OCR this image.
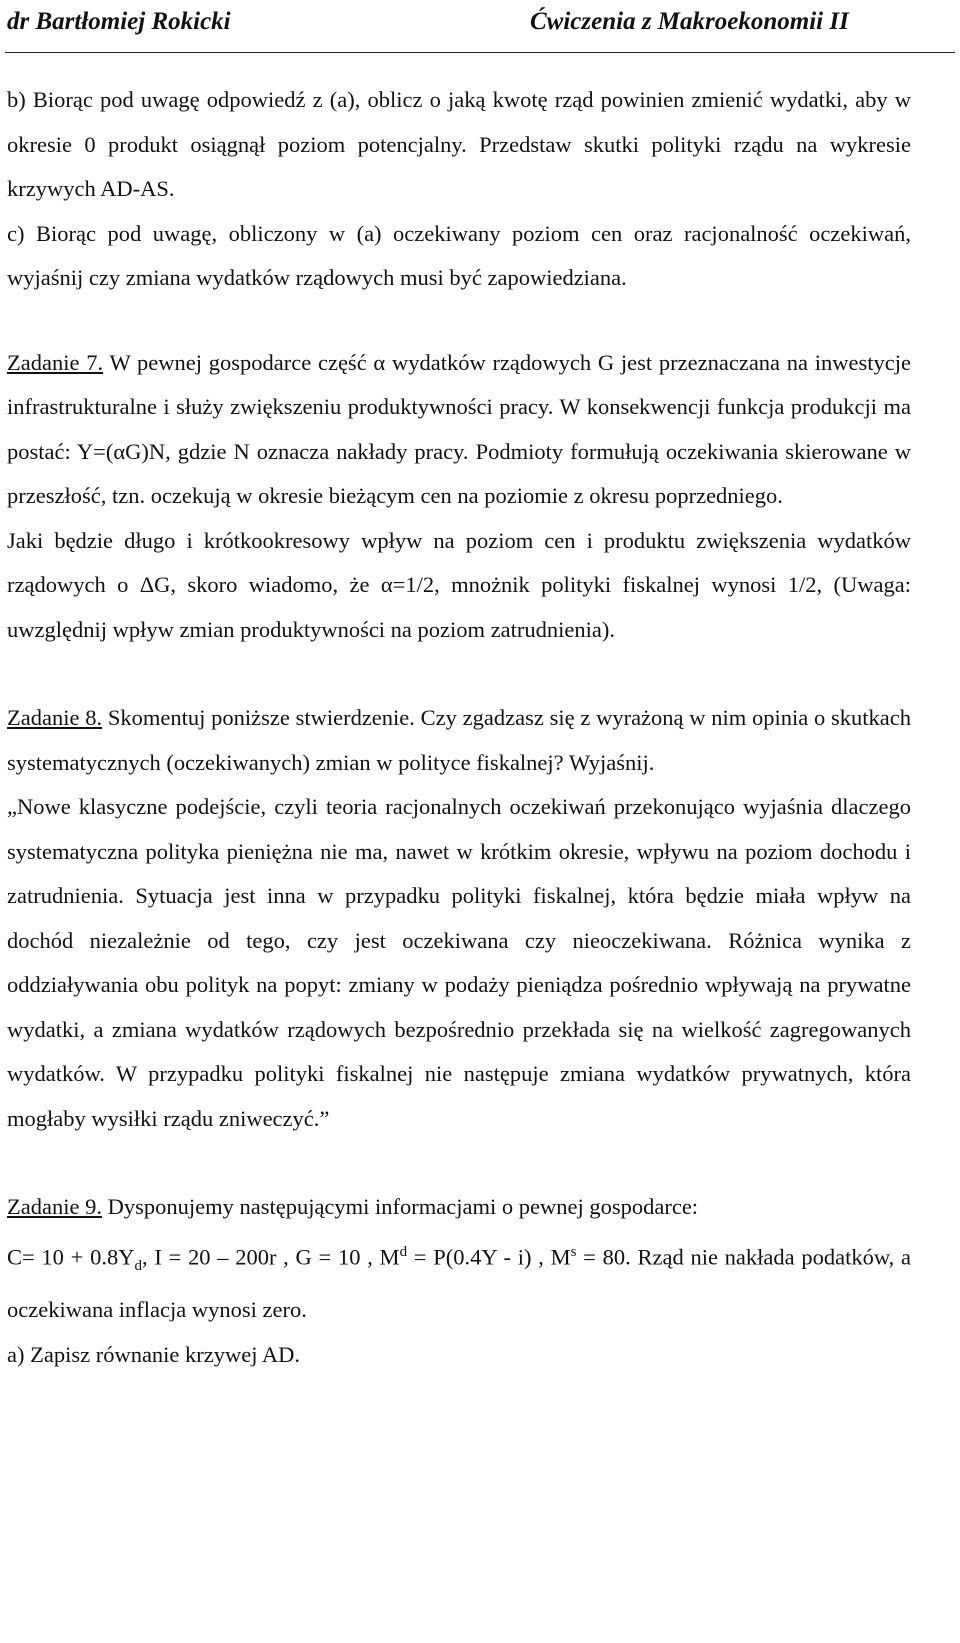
dr Bartłomiej Rokicki	Ćwiczenia z Makroekonomii II

b) Biorąc pod uwagę odpowiedź z (a), oblicz o jaką kwotę rząd powinien zmienić wydatki, aby w okresie 0 produkt osiągnął poziom potencjalny. Przedstaw skutki polityki rządu na wykresie krzywych AD-AS.

c) Biorąc pod uwagę, obliczony w (a) oczekiwany poziom cen oraz racjonalność oczekiwań, wyjaśnij czy zmiana wydatków rządowych musi być zapowiedziana.

Zadanie 7. W pewnej gospodarce część α wydatków rządowych G jest przeznaczana na inwestycje infrastrukturalne i służy zwiększeniu produktywności pracy. W konsekwencji funkcja produkcji ma postać: Y=(αG)N, gdzie N oznacza nakłady pracy. Podmioty formułują oczekiwania skierowane w przeszłość, tzn. oczekują w okresie bieżącym cen na poziomie z okresu poprzedniego.

Jaki będzie długo i krótkookresowy wpływ na poziom cen i produktu zwiększenia wydatków rządowych o ΔG, skoro wiadomo, że α=1/2, mnożnik polityki fiskalnej wynosi 1/2, (Uwaga: uwzględnij wpływ zmian produktywności na poziom zatrudnienia).

Zadanie 8. Skomentuj poniższe stwierdzenie. Czy zgadzasz się z wyrażoną w nim opinia o skutkach systematycznych (oczekiwanych) zmian w polityce fiskalnej? Wyjaśnij.

„Nowe klasyczne podejście, czyli teoria racjonalnych oczekiwań przekonująco wyjaśnia dlaczego systematyczna polityka pieniężna nie ma, nawet w krótkim okresie, wpływu na poziom dochodu i zatrudnienia. Sytuacja jest inna w przypadku polityki fiskalnej, która będzie miała wpływ na dochód niezależnie od tego, czy jest oczekiwana czy nieoczekiwana. Różnica wynika z oddziaływania obu polityk na popyt: zmiany w podaży pieniądza pośrednio wpływają na prywatne wydatki, a zmiana wydatków rządowych bezpośrednio przekłada się na wielkość zagregowanych wydatków. W przypadku polityki fiskalnej nie następuje zmiana wydatków prywatnych, która mogłaby wysiłki rządu zniweczyć.”

Zadanie 9. Dysponujemy następującymi informacjami o pewnej gospodarce:

$C= 10 + 0.8Y_d$, I = 20 – 200r , G = 10 , $M^d = P(0.4Y - i)$ , $M^s = 80$. Rząd nie nakłada podatków, a oczekiwana inflacja wynosi zero.

a) Zapisz równanie krzywej AD.
